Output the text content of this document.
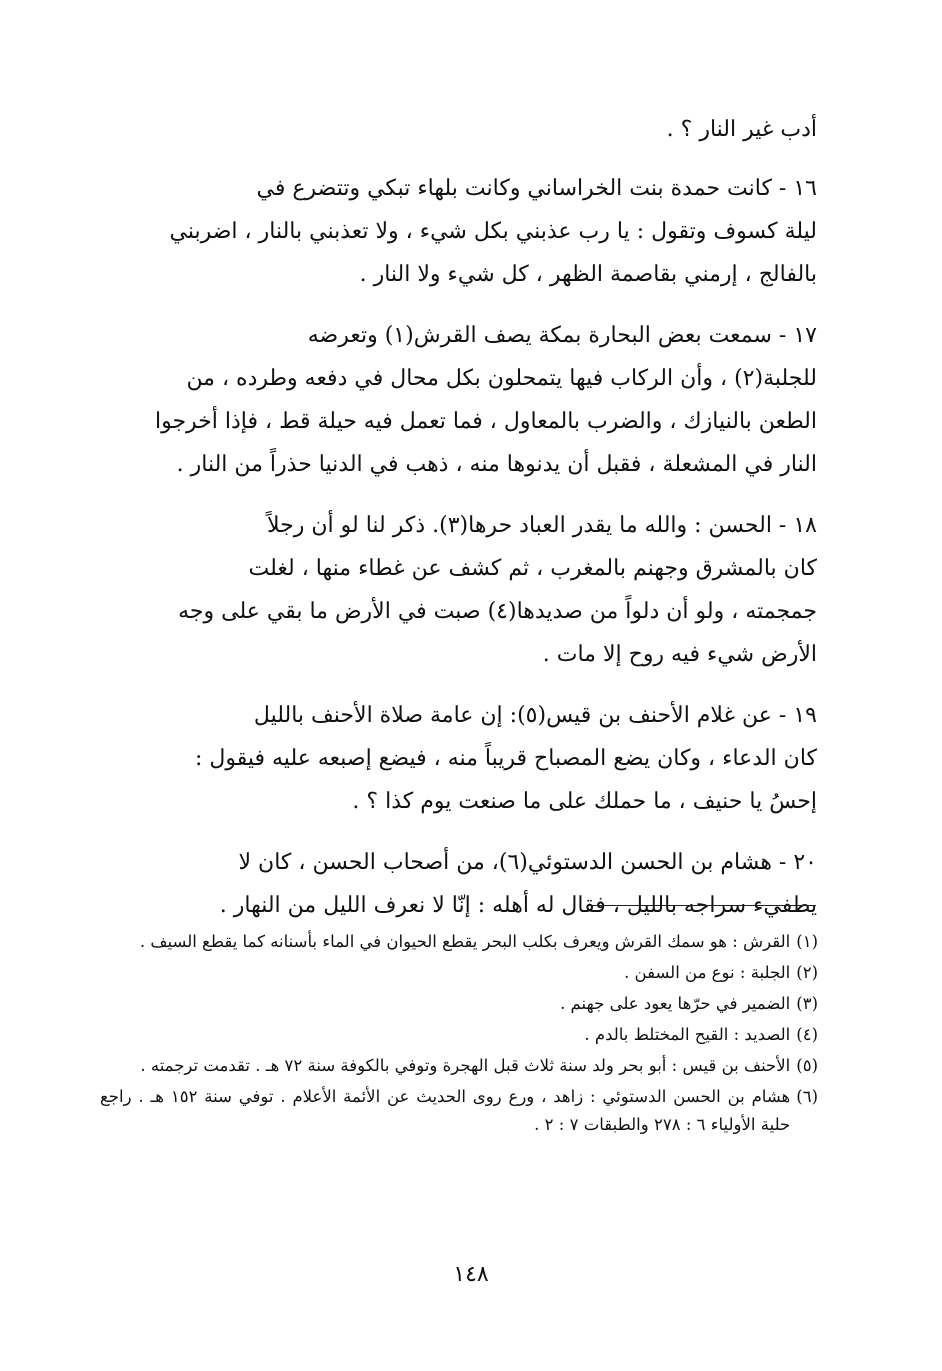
أدب غير النار ؟ .
١٦ - كانت حمدة بنت الخراساني وكانت بلهاء تبكي وتتضرع في
ليلة كسوف وتقول : يا رب عذبني بكل شيء ، ولا تعذبني بالنار ، اضربني
بالفالج ، إرمني بقاصمة الظهر ، كل شيء ولا النار .
١٧ - سمعت بعض البحارة بمكة يصف القرش(١) وتعرضه
للجلبة(٢) ، وأن الركاب فيها يتمحلون بكل محال في دفعه وطرده ، من
الطعن بالنيازك ، والضرب بالمعاول ، فما تعمل فيه حيلة قط ، فإذا أخرجوا
النار في المشعلة ، فقبل أن يدنوها منه ، ذهب في الدنيا حذراً من النار .
١٨ - الحسن : والله ما يقدر العباد حرها(٣). ذكر لنا لو أن رجلاً
كان بالمشرق وجهنم بالمغرب ، ثم كشف عن غطاء منها ، لغلت
جمجمته ، ولو أن دلواً من صديدها(٤) صبت في الأرض ما بقي على وجه
الأرض شيء فيه روح إلا مات .
١٩ - عن غلام الأحنف بن قيس(٥): إن عامة صلاة الأحنف بالليل
كان الدعاء ، وكان يضع المصباح قريباً منه ، فيضع إصبعه عليه فيقول :
إحسُ يا حنيف ، ما حملك على ما صنعت يوم كذا ؟ .
٢٠ - هشام بن الحسن الدستوئي(٦)، من أصحاب الحسن ، كان لا
يطفيء سراجه بالليل ، فقال له أهله : إنّا لا نعرف الليل من النهار .
(١)
القرش : هو سمك القرش ويعرف بكلب البحر يقطع الحيوان في الماء بأسنانه كما يقطع السيف .
(٢)
الجلبة : نوع من السفن .
(٣)
الضمير في حرّها يعود على جهنم .
(٤)
الصديد : القيح المختلط بالدم .
(٥)
الأحنف بن قيس : أبو بحر ولد سنة ثلاث قبل الهجرة وتوفي بالكوفة سنة ٧٢ هـ . تقدمت ترجمته .
(٦)
هشام بن الحسن الدستوئي : زاهد ، ورع روى الحديث عن الأئمة الأعلام . توفي سنة ١٥٢ هـ . راجع حلية الأولياء ٦ : ٢٧٨ والطبقات ٧ : ٢ .
١٤٨
